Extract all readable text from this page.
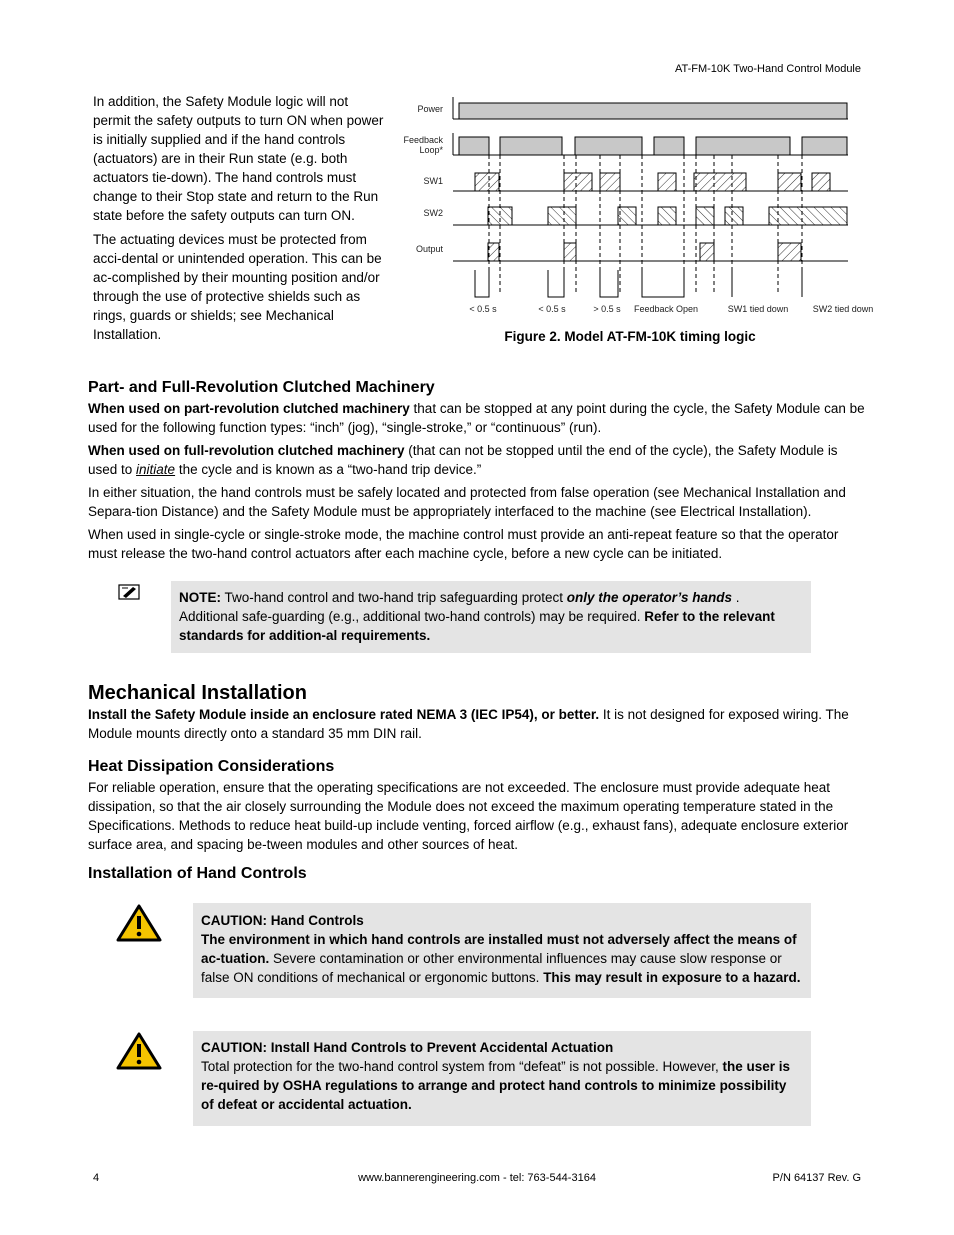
AT-FM-10K Two-Hand Control Module

In addition, the Safety Module logic will not permit the safety outputs to turn ON when power is initially supplied and if the hand controls (actuators) are in their Run state (e.g. both actuators tie-down). The hand controls must change to their Stop state and return to the Run state before the safety outputs can turn ON.

The actuating devices must be protected from acci-dental or unintended operation. This can be ac-complished by their mounting position and/or through the use of protective shields such as rings, guards or shields; see Mechanical Installation.

Power
Feedback
Loop*
SW1
SW2
Output
< 0.5 s	< 0.5 s	> 0.5 s Feedback Open	SW1 tied down	SW2 tied down
Figure 2. Model AT-FM-10K timing logic
Part- and Full-Revolution Clutched Machinery

When used on part-revolution clutched machinery that can be stopped at any point during the cycle, the Safety Module can be used for the following function types: “inch” (jog), “single-stroke,” or “continuous” (run).

When used on full-revolution clutched machinery (that can not be stopped until the end of the cycle), the Safety Module is used to initiate the cycle and is known as a “two-hand trip device.”

In either situation, the hand controls must be safely located and protected from false operation (see Mechanical Installation and Separa-tion Distance) and the Safety Module must be appropriately interfaced to the machine (see Electrical Installation).

When used in single-cycle or single-stroke mode, the machine control must provide an anti-repeat feature so that the operator must release the two-hand control actuators after each machine cycle, before a new cycle can be initiated.

NOTE: Two-hand control and two-hand trip safeguarding protect only the operator’s hands . Additional safe-guarding (e.g., additional two-hand controls) may be required. Refer to the relevant standards for addition-al requirements.

Mechanical Installation

Install the Safety Module inside an enclosure rated NEMA 3 (IEC IP54), or better. It is not designed for exposed wiring. The Module mounts directly onto a standard 35 mm DIN rail.

Heat Dissipation Considerations

For reliable operation, ensure that the operating specifications are not exceeded. The enclosure must provide adequate heat dissipation, so that the air closely surrounding the Module does not exceed the maximum operating temperature stated in the Specifications. Methods to reduce heat build-up include venting, forced airflow (e.g., exhaust fans), adequate enclosure exterior surface area, and spacing be-tween modules and other sources of heat.

Installation of Hand Controls

CAUTION: Hand Controls

The environment in which hand controls are installed must not adversely affect the means of ac-tuation. Severe contamination or other environmental influences may cause slow response or false ON conditions of mechanical or ergonomic buttons. This may result in exposure to a hazard.

CAUTION: Install Hand Controls to Prevent Accidental Actuation

Total protection for the two-hand control system from “defeat” is not possible. However, the user is re-quired by OSHA regulations to arrange and protect hand controls to minimize possibility of defeat or accidental actuation.

4	www.bannerengineering.com - tel: 763-544-3164	P/N 64137 Rev. G
